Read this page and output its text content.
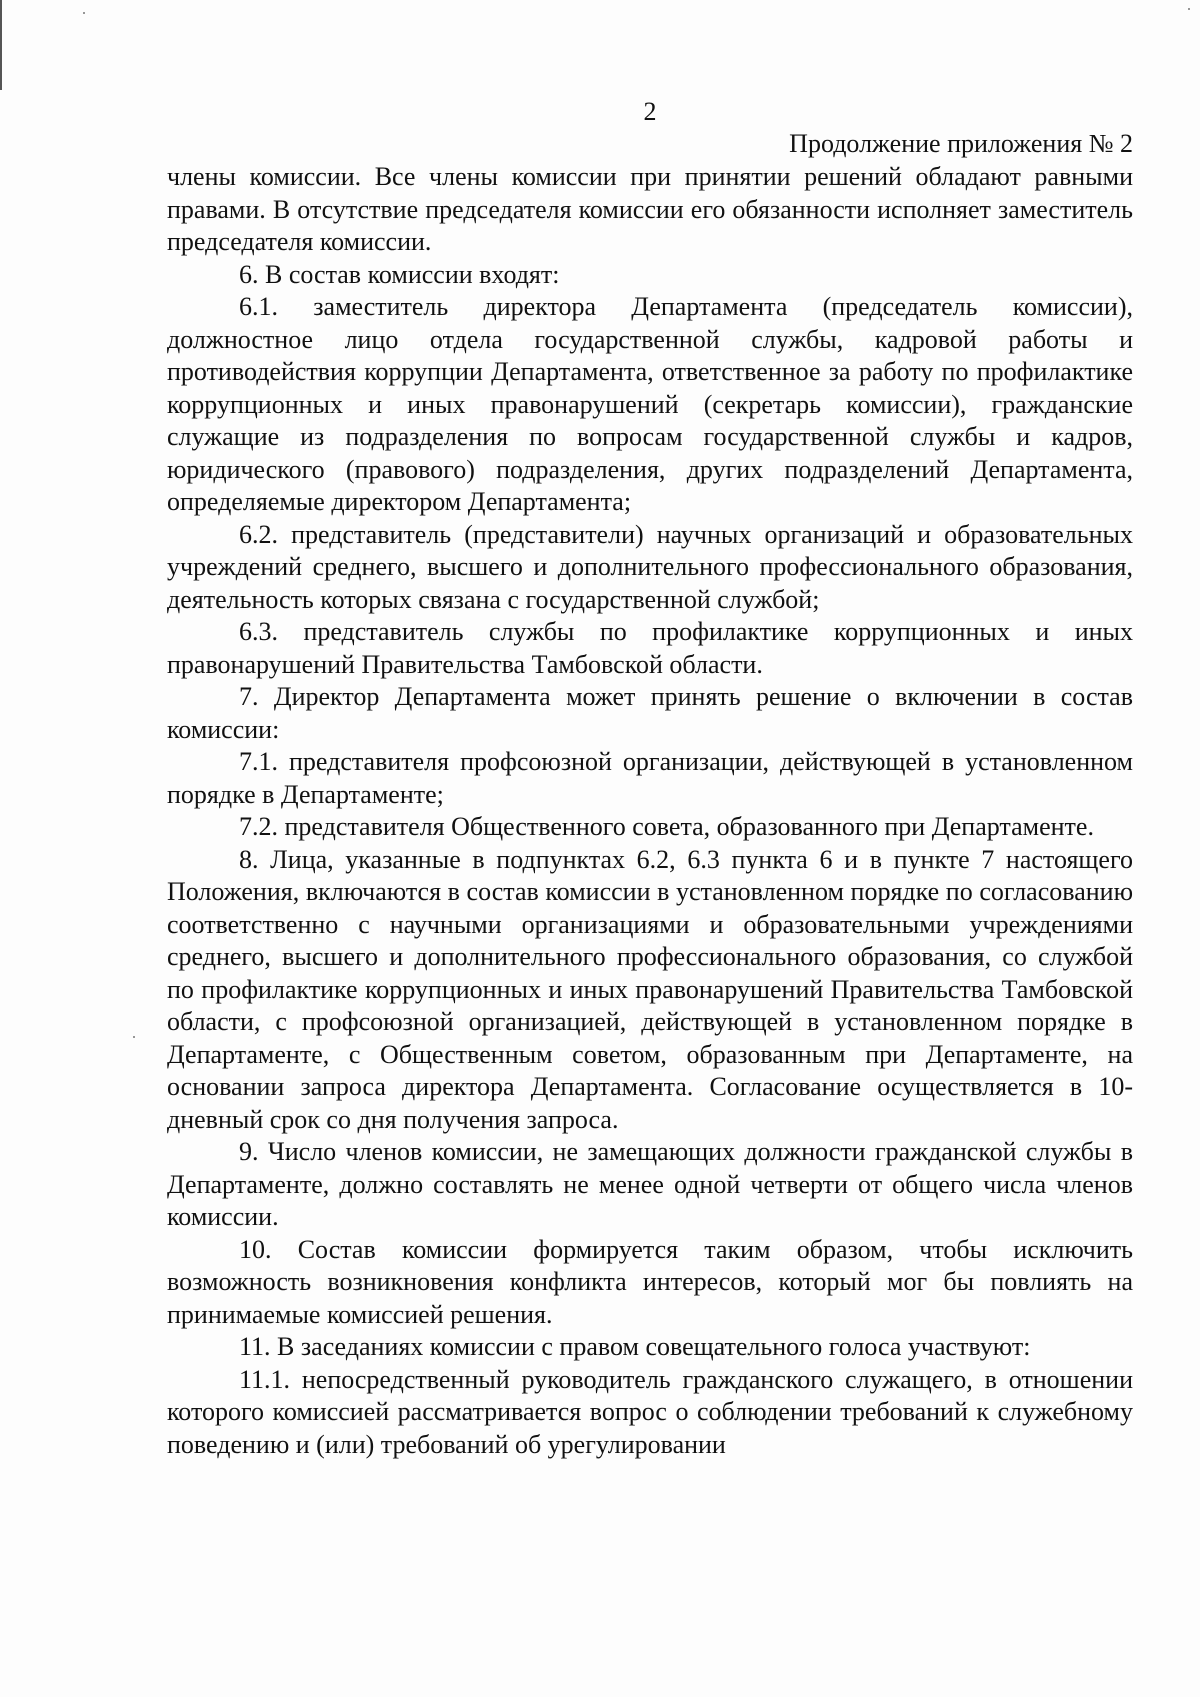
2
Продолжение приложения № 2

члены комиссии. Все члены комиссии при принятии решений обладают равными правами. В отсутствие председателя комиссии его обязанности исполняет заместитель председателя комиссии.

6. В состав комиссии входят:

6.1. заместитель директора Департамента (председатель комиссии), должностное лицо отдела государственной службы, кадровой работы и противодействия коррупции Департамента, ответственное за работу по профилактике коррупционных и иных правонарушений (секретарь комиссии), гражданские служащие из подразделения по вопросам государственной службы и кадров, юридического (правового) подразделения, других подразделений Департамента, определяемые директором Департамента;

6.2. представитель (представители) научных организаций и образовательных учреждений среднего, высшего и дополнительного профессионального образования, деятельность которых связана с государственной службой;

6.3. представитель службы по профилактике коррупционных и иных правонарушений Правительства Тамбовской области.

7. Директор Департамента может принять решение о включении в состав комиссии:

7.1. представителя профсоюзной организации, действующей в установленном порядке в Департаменте;

7.2. представителя Общественного совета, образованного при Департаменте.

8. Лица, указанные в подпунктах 6.2, 6.3 пункта 6 и в пункте 7 настоящего Положения, включаются в состав комиссии в установленном порядке по согласованию соответственно с научными организациями и образовательными учреждениями среднего, высшего и дополнительного профессионального образования, со службой по профилактике коррупционных и иных правонарушений Правительства Тамбовской области, с профсоюзной организацией, действующей в установленном порядке в Департаменте, с Общественным советом, образованным при Департаменте, на основании запроса директора Департамента. Согласование осуществляется в 10-дневный срок со дня получения запроса.

9. Число членов комиссии, не замещающих должности гражданской службы в Департаменте, должно составлять не менее одной четверти от общего числа членов комиссии.

10. Состав комиссии формируется таким образом, чтобы исключить возможность возникновения конфликта интересов, который мог бы повлиять на принимаемые комиссией решения.

11. В заседаниях комиссии с правом совещательного голоса участвуют:

11.1. непосредственный руководитель гражданского служащего, в отношении которого комиссией рассматривается вопрос о соблюдении требований к служебному поведению и (или) требований об урегулировании
